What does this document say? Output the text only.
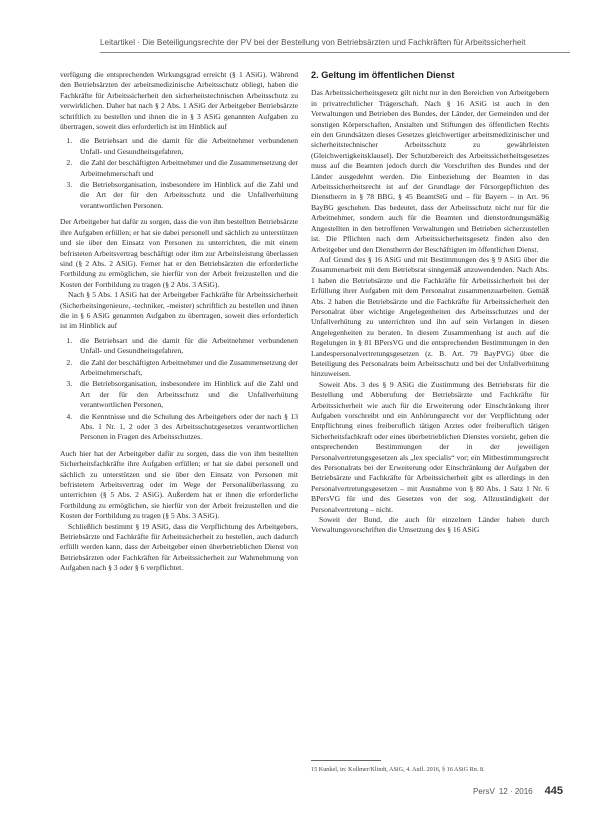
Leitartikel · Die Beteiligungsrechte der PV bei der Bestellung von Betriebsärzten und Fachkräften für Arbeitssicherheit

verfügung die entsprechenden Wirkungsgrad erreicht (§ 1 ASiG). Während den Betriebsärzten der arbeitsmedizinische Arbeitsschutz obliegt, haben die Fachkräfte für Arbeitssicherheit den sicherheitstechnischen Arbeitsschutz zu verwirklichen. Daher hat nach § 2 Abs. 1 ASiG der Arbeitgeber Betriebsärzte schriftlich zu bestellen und ihnen die in § 3 ASiG genannten Aufgaben zu übertragen, soweit dies erforderlich ist im Hinblick auf

1. die Betriebsart und die damit für die Arbeitnehmer verbundenen Unfall- und Gesundheitsgefahren,
2. die Zahl der beschäftigten Arbeitnehmer und die Zusammensetzung der Arbeitnehmerschaft und
3. die Betriebsorganisation, insbesondere im Hinblick auf die Zahl und die Art der für den Arbeitsschutz und die Unfallverhütung verantwortlichen Personen.

Der Arbeitgeber hat dafür zu sorgen, dass die von ihm bestellten Betriebsärzte ihre Aufgaben erfüllen; er hat sie dabei personell und sächlich zu unterstützen und sie über den Einsatz von Personen zu unterrichten, die mit einem befristeten Arbeitsvertrag beschäftigt oder ihm zur Arbeitsleistung überlassen sind (§ 2 Abs. 2 ASiG). Ferner hat er den Betriebsärzten die erforderliche Fortbildung zu ermöglichen, sie hierfür von der Arbeit freizustellen und die Kosten der Fortbildung zu tragen (§ 2 Abs. 3 ASiG).

Nach § 5 Abs. 1 ASiG hat der Arbeitgeber Fachkräfte für Arbeitssicherheit (Sicherheitsingenieure, -techniker, -meister) schriftlich zu bestellen und ihnen die in § 6 ASiG genannten Aufgaben zu übertragen, soweit dies erforderlich ist im Hinblick auf

1. die Betriebsart und die damit für die Arbeitnehmer verbundenen Unfall- und Gesundheitsgefahren,
2. die Zahl der beschäftigten Arbeitnehmer und die Zusammensetzung der Arbeitnehmerschaft,
3. die Betriebsorganisation, insbesondere im Hinblick auf die Zahl und Art der für den Arbeitsschutz und die Unfallverhütung verantwortlichen Personen,
4. die Kenntnisse und die Schulung des Arbeitgebers oder der nach § 13 Abs. 1 Nr. 1, 2 oder 3 des Arbeitsschutzgesetzes verantwortlichen Personen in Fragen des Arbeitsschutzes.

Auch hier hat der Arbeitgeber dafür zu sorgen, dass die von ihm bestellten Sicherheitsfachkräfte ihre Aufgaben erfüllen; er hat sie dabei personell und sächlich zu unterstützen und sie über den Einsatz von Personen mit befristetem Arbeitsvertrag oder im Wege der Personalüberlassung zu unterrichten (§ 5 Abs. 2 ASiG). Außerdem hat er ihnen die erforderliche Fortbildung zu ermöglichen, sie hierfür von der Arbeit freizustellen und die Kosten der Fortbildung zu tragen (§ 5 Abs. 3 ASiG).

Schließlich bestimmt § 19 ASiG, dass die Verpflichtung des Arbeitgebers, Betriebsärzte und Fachkräfte für Arbeitssicherheit zu bestellen, auch dadurch erfüllt werden kann, dass der Arbeitgeber einen überbetrieblichen Dienst von Betriebsärzten oder Fachkräften für Arbeitssicherheit zur Wahrnehmung von Aufgaben nach § 3 oder § 6 verpflichtet.

2. Geltung im öffentlichen Dienst

Das Arbeitssicherheitsgesetz gilt nicht nur in den Bereichen von Arbeitgebern in privatrechtlicher Trägerschaft. Nach § 16 ASiG ist auch in den Verwaltungen und Betrieben des Bundes, der Länder, der Gemeinden und der sonstigen Körperschaften, Anstalten und Stiftungen des öffentlichen Rechts ein den Grundsätzen dieses Gesetzes gleichwertiger arbeitsmedizinischer und sicherheitstechnischer Arbeitsschutz zu gewährleisten (Gleichwertigkeitsklausel). Der Schutzbereich des Arbeitssicherheitsgesetzes muss auf die Beamten jedoch durch die Vorschriften des Bundes und der Länder ausgedehnt werden. Die Einbeziehung der Beamten in das Arbeitssicherheitsrecht ist auf der Grundlage der Fürsorgepflichten des Dienstherrn in § 78 BBG, § 45 BeamtStG und – für Bayern – in Art. 96 BayBG geschehen. Das bedeutet, dass der Arbeitsschutz nicht nur für die Arbeitnehmer, sondern auch für die Beamten und dienstordnungsmäßig Angestellten in den betroffenen Verwaltungen und Betrieben sicherzustellen ist. Die Pflichten nach dem Arbeitssicherheitsgesetz finden also den Arbeitgeber und den Dienstherrn der Beschäftigten im öffentlichen Dienst.

Auf Grund des § 16 ASiG und mit Bestimmungen des § 9 ASiG über die Zusammenarbeit mit dem Betriebsrat sinngemäß anzuwendenden. Nach Abs. 1 haben die Betriebsärzte und die Fachkräfte für Arbeitssicherheit bei der Erfüllung ihrer Aufgaben mit dem Personalrat zusammenzuarbeiten. Gemäß Abs. 2 haben die Betriebsärzte und die Fachkräfte für Arbeitssicherheit den Personalrat über wichtige Angelegenheiten des Arbeitsschutzes und der Unfallverhütung zu unterrichten und ihn auf sein Verlangen in diesen Angelegenheiten zu beraten. In diesem Zusammenhang ist auch auf die Regelungen in § 81 BPersVG und die entsprechenden Bestimmungen in den Landespersonalvertretungsgesetzen (z. B. Art. 79 BayPVG) über die Beteiligung des Personalrats beim Arbeitsschutz und bei der Unfallverhütung hinzuweisen.

Soweit Abs. 3 des § 9 ASiG die Zustimmung des Betriebsrats für die Bestellung und Abberufung der Betriebsärzte und Fachkräfte für Arbeitssicherheit wie auch für die Erweiterung oder Einschränkung ihrer Aufgaben vorschreibt und ein Anhörungsrecht vor der Verpflichtung oder Entpflichtung eines freiberuflich tätigen Arztes oder freiberuflich tätigen Sicherheitsfachkraft oder eines überbetrieblichen Dienstes vorsieht, gehen die entsprechenden Bestimmungen der in der jeweiligen Personalvertretungsgesetzen als „lex specialis“ vor; ein Mitbestimmungsrecht des Personalrats bei der Erweiterung oder Einschränkung der Aufgaben der Betriebsärzte und Fachkräfte für Arbeitssicherheit gibt es allerdings in den Personalvertretungsgesetzen – mit Ausnahme von § 80 Abs. 1 Satz 1 Nr. 6 BPersVG für und des Gesetzes von der sog. Allzuständigkeit der Personalvertretung – nicht.

Soweit der Bund, die auch für einzelnen Länder haben durch Verwaltungsvorschriften die Umsetzung des § 16 ASiG

15 Kunkel, in: Kollmer/Klindt, ASiG, 4. Aufl. 2016, § 16 ASiG Rn. 8.
PersV 12 · 2016 445
